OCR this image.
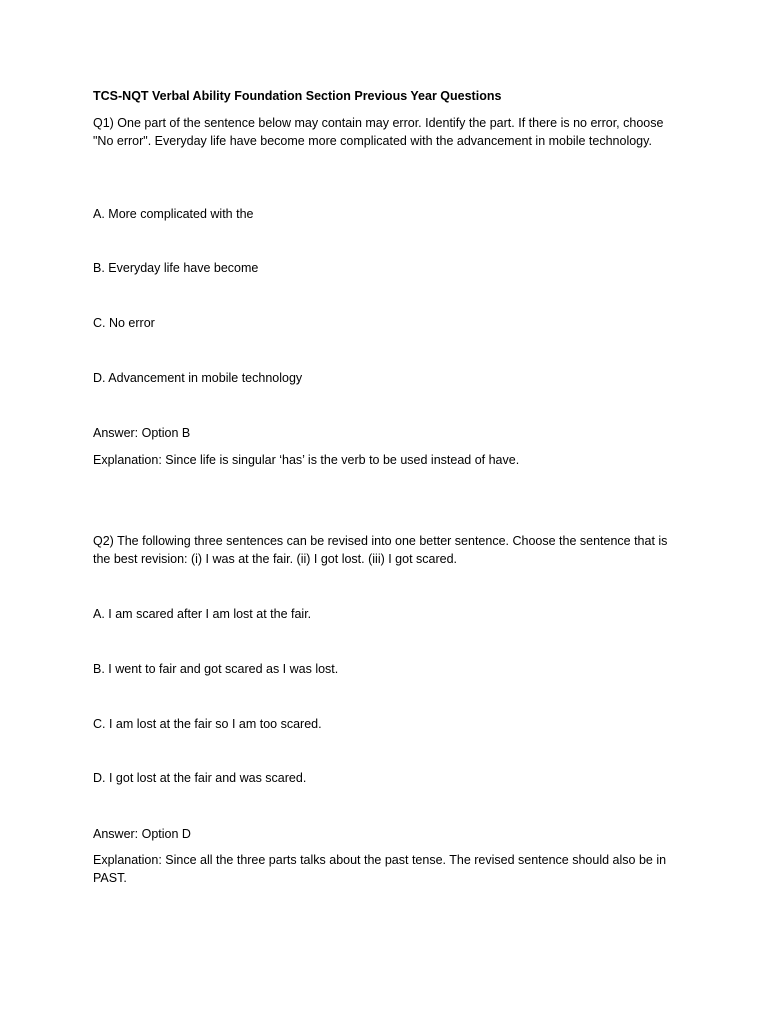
TCS-NQT Verbal Ability Foundation Section Previous Year Questions
Q1) One part of the sentence below may contain may error. Identify the part. If there is no error, choose "No error". Everyday life have become more complicated with the advancement in mobile technology.
A. More complicated with the
B. Everyday life have become
C. No error
D. Advancement in mobile technology
Answer: Option B
Explanation: Since life is singular ‘has’ is the verb to be used instead of have.
Q2) The following three sentences can be revised into one better sentence. Choose the sentence that is the best revision: (i) I was at the fair. (ii) I got lost. (iii) I got scared.
A. I am scared after I am lost at the fair.
B. I went to fair and got scared as I was lost.
C. I am lost at the fair so I am too scared.
D. I got lost at the fair and was scared.
Answer: Option D
Explanation: Since all the three parts talks about the past tense. The revised sentence should also be in PAST.
